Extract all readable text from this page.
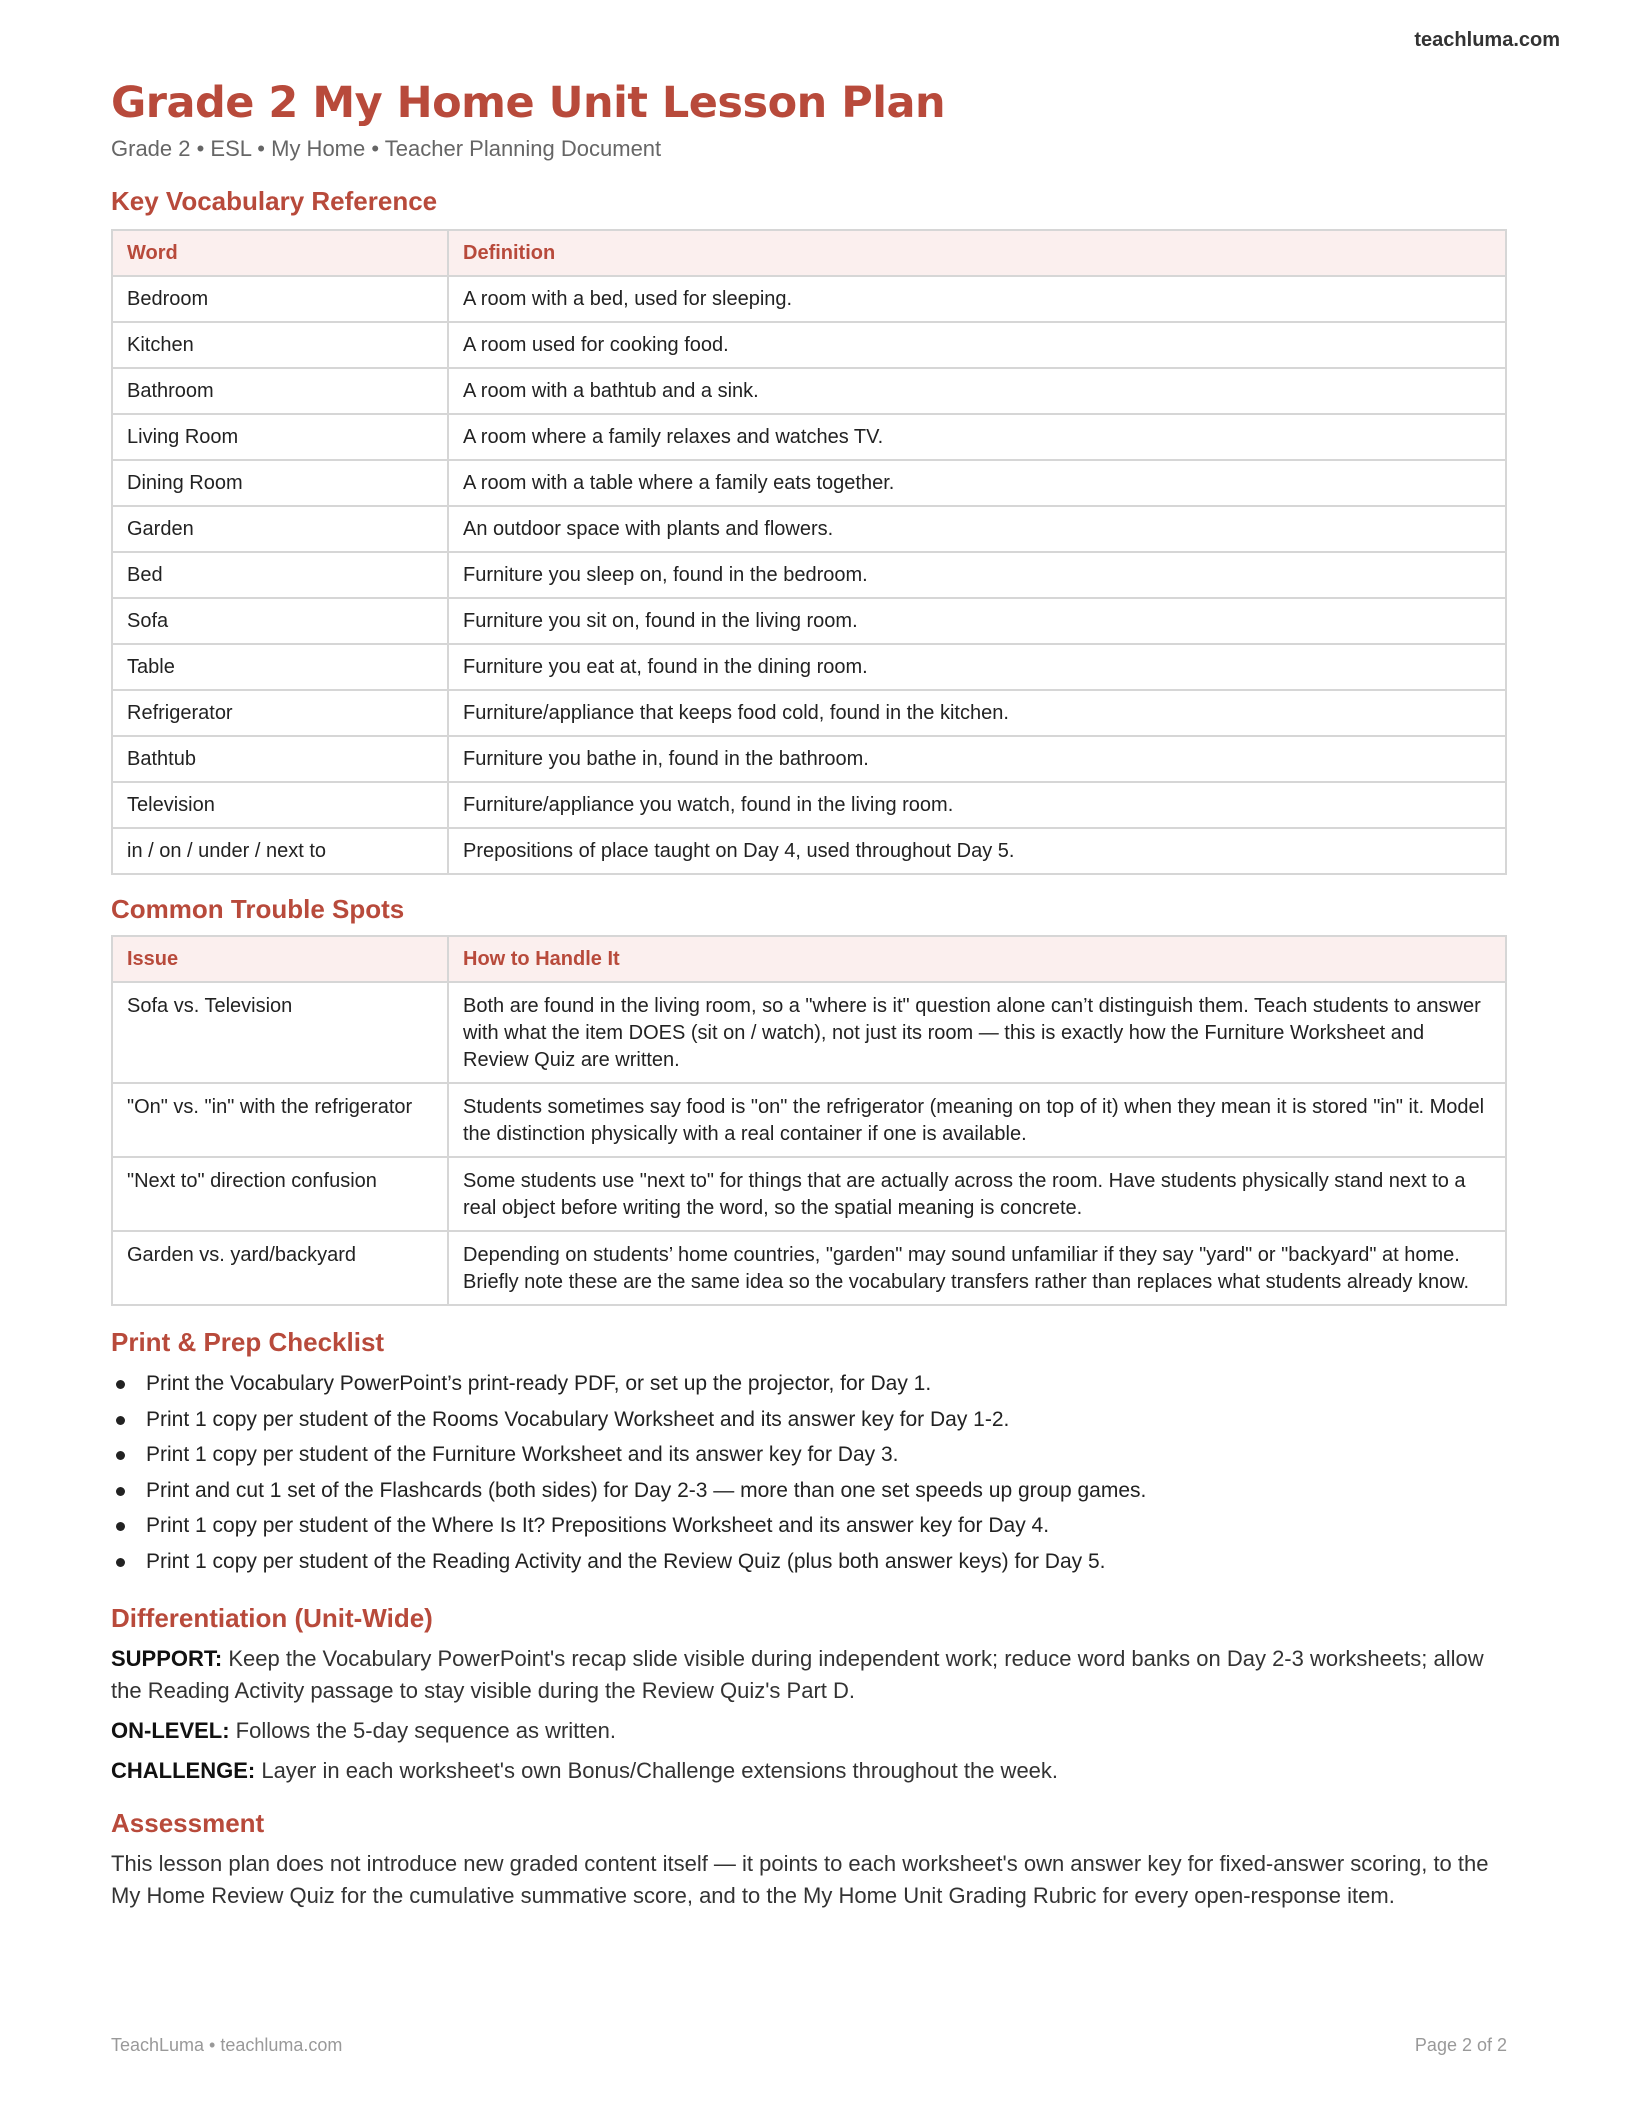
teachluma.com
Grade 2 My Home Unit Lesson Plan
Grade 2 • ESL • My Home • Teacher Planning Document
Key Vocabulary Reference
Word	Definition
Bedroom	A room with a bed, used for sleeping.
Kitchen	A room used for cooking food.
Bathroom	A room with a bathtub and a sink.
Living Room	A room where a family relaxes and watches TV.
Dining Room	A room with a table where a family eats together.
Garden	An outdoor space with plants and flowers.
Bed	Furniture you sleep on, found in the bedroom.
Sofa	Furniture you sit on, found in the living room.
Table	Furniture you eat at, found in the dining room.
Refrigerator	Furniture/appliance that keeps food cold, found in the kitchen.
Bathtub	Furniture you bathe in, found in the bathroom.
Television	Furniture/appliance you watch, found in the living room.
in / on / under / next to	Prepositions of place taught on Day 4, used throughout Day 5.
Common Trouble Spots
Issue	How to Handle It
Sofa vs. Television	Both are found in the living room, so a "where is it" question alone can’t distinguish them. Teach students to answer with what the item DOES (sit on / watch), not just its room — this is exactly how the Furniture Worksheet and Review Quiz are written.
"On" vs. "in" with the refrigerator	Students sometimes say food is "on" the refrigerator (meaning on top of it) when they mean it is stored "in" it. Model the distinction physically with a real container if one is available.
"Next to" direction confusion	Some students use "next to" for things that are actually across the room. Have students physically stand next to a real object before writing the word, so the spatial meaning is concrete.
Garden vs. yard/backyard	Depending on students’ home countries, "garden" may sound unfamiliar if they say "yard" or "backyard" at home. Briefly note these are the same idea so the vocabulary transfers rather than replaces what students already know.
Print & Prep Checklist
Print the Vocabulary PowerPoint’s print-ready PDF, or set up the projector, for Day 1.
Print 1 copy per student of the Rooms Vocabulary Worksheet and its answer key for Day 1-2.
Print 1 copy per student of the Furniture Worksheet and its answer key for Day 3.
Print and cut 1 set of the Flashcards (both sides) for Day 2-3 — more than one set speeds up group games.
Print 1 copy per student of the Where Is It? Prepositions Worksheet and its answer key for Day 4.
Print 1 copy per student of the Reading Activity and the Review Quiz (plus both answer keys) for Day 5.
Differentiation (Unit-Wide)
SUPPORT: Keep the Vocabulary PowerPoint's recap slide visible during independent work; reduce word banks on Day 2-3 worksheets; allow the Reading Activity passage to stay visible during the Review Quiz's Part D.
ON-LEVEL: Follows the 5-day sequence as written.
CHALLENGE: Layer in each worksheet's own Bonus/Challenge extensions throughout the week.
Assessment
This lesson plan does not introduce new graded content itself — it points to each worksheet's own answer key for fixed-answer scoring, to the My Home Review Quiz for the cumulative summative score, and to the My Home Unit Grading Rubric for every open-response item.
TeachLuma • teachluma.com	Page 2 of 2
